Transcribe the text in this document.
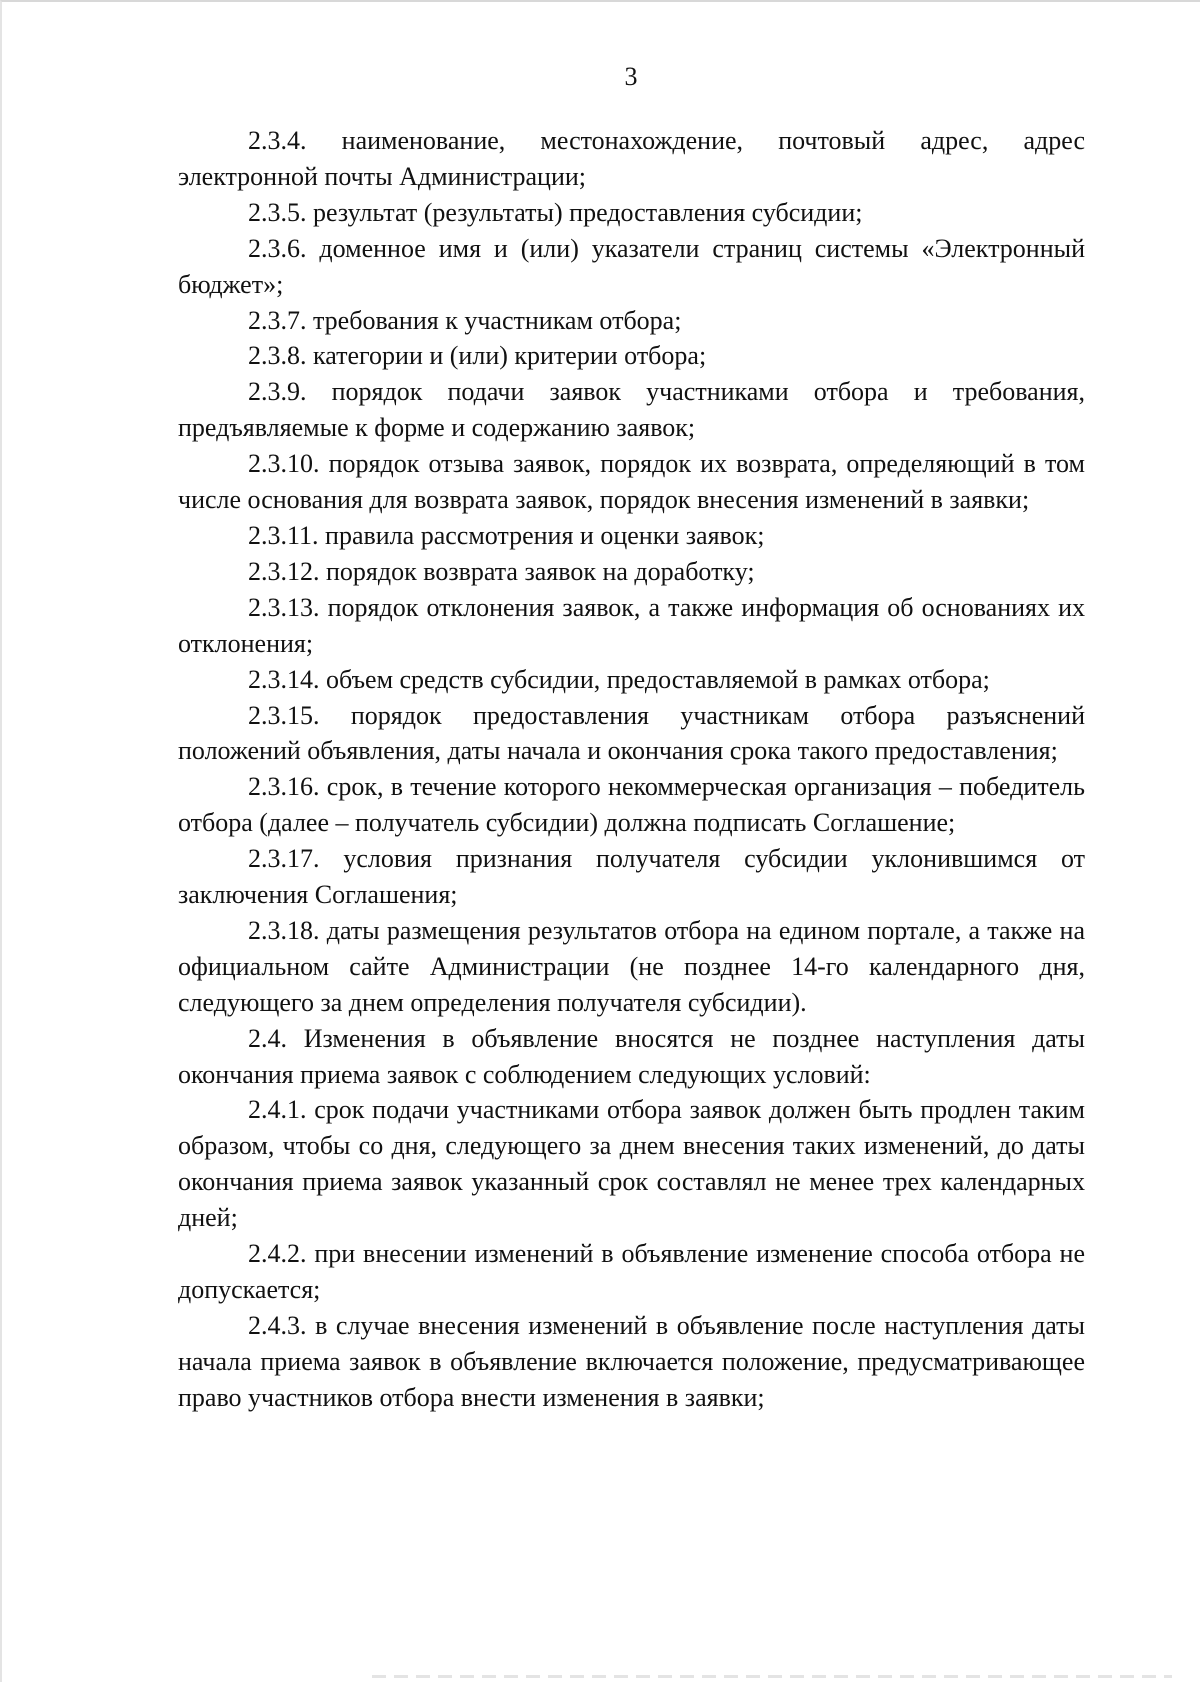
3

2.3.4. наименование, местонахождение, почтовый адрес, адрес электронной почты Администрации;

2.3.5. результат (результаты) предоставления субсидии;

2.3.6. доменное имя и (или) указатели страниц системы «Электронный бюджет»;

2.3.7. требования к участникам отбора;

2.3.8. категории и (или) критерии отбора;

2.3.9. порядок подачи заявок участниками отбора и требования, предъявляемые к форме и содержанию заявок;

2.3.10. порядок отзыва заявок, порядок их возврата, определяющий в том числе основания для возврата заявок, порядок внесения изменений в заявки;

2.3.11. правила рассмотрения и оценки заявок;

2.3.12. порядок возврата заявок на доработку;

2.3.13. порядок отклонения заявок, а также информация об основаниях их отклонения;

2.3.14. объем средств субсидии, предоставляемой в рамках отбора;

2.3.15. порядок предоставления участникам отбора разъяснений положений объявления, даты начала и окончания срока такого предоставления;

2.3.16. срок, в течение которого некоммерческая организация – победитель отбора (далее – получатель субсидии) должна подписать Соглашение;

2.3.17. условия признания получателя субсидии уклонившимся от заключения Соглашения;

2.3.18. даты размещения результатов отбора на едином портале, а также на официальном сайте Администрации (не позднее 14-го календарного дня, следующего за днем определения получателя субсидии).

2.4. Изменения в объявление вносятся не позднее наступления даты окончания приема заявок с соблюдением следующих условий:

2.4.1. срок подачи участниками отбора заявок должен быть продлен таким образом, чтобы со дня, следующего за днем внесения таких изменений, до даты окончания приема заявок указанный срок составлял не менее трех календарных дней;

2.4.2. при внесении изменений в объявление изменение способа отбора не допускается;

2.4.3. в случае внесения изменений в объявление после наступления даты начала приема заявок в объявление включается положение, предусматривающее право участников отбора внести изменения в заявки;
